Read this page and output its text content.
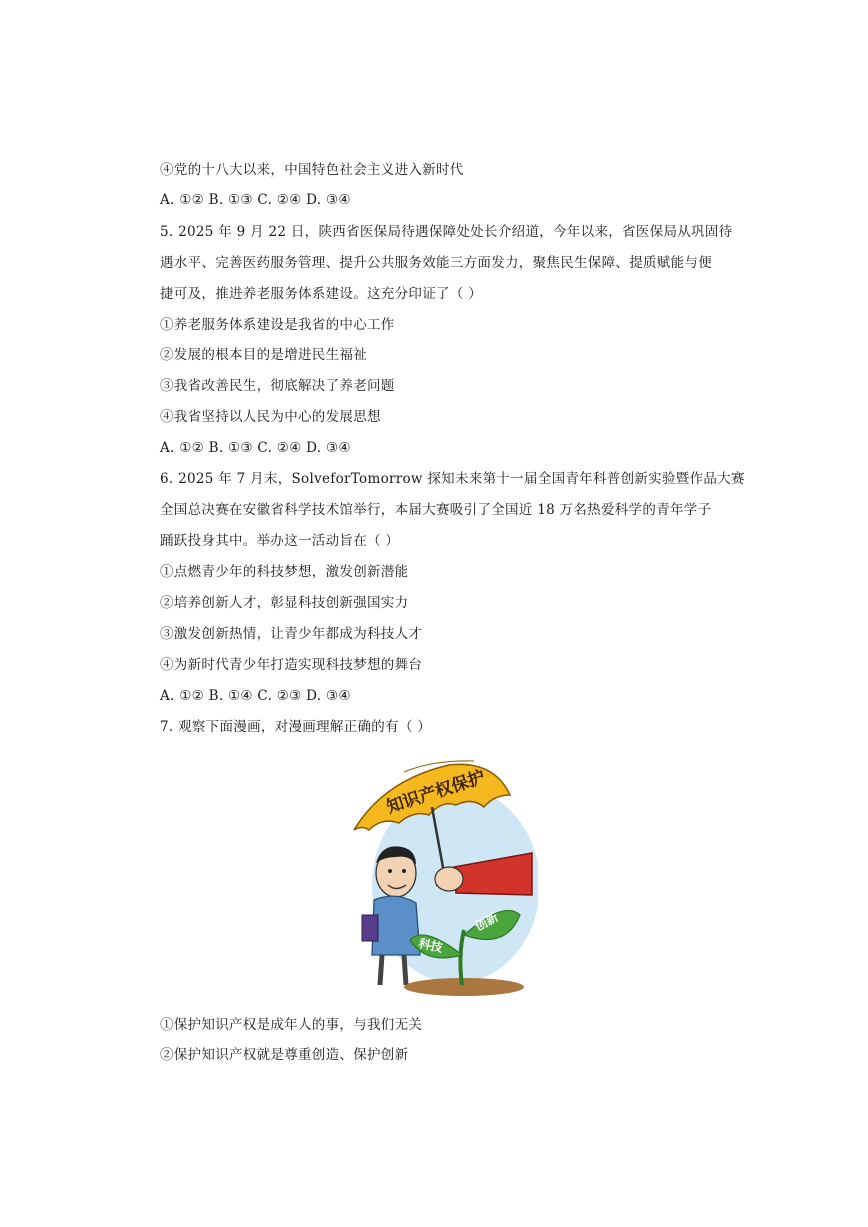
④党的十八大以来，中国特色社会主义进入新时代
A. ①② B. ①③ C. ②④ D. ③④
5. 2025 年 9 月 22 日，陕西省医保局待遇保障处处长介绍道，今年以来，省医保局从巩固待
遇水平、完善医药服务管理、提升公共服务效能三方面发力，聚焦民生保障、提质赋能与便
捷可及，推进养老服务体系建设。这充分印证了（ ）
①养老服务体系建设是我省的中心工作
②发展的根本目的是增进民生福祉
③我省改善民生，彻底解决了养老问题
④我省坚持以人民为中心的发展思想
A. ①② B. ①③ C. ②④ D. ③④
6. 2025 年 7 月末，SolveforTomorrow 探知未来第十一届全国青年科普创新实验暨作品大赛
全国总决赛在安徽省科学技术馆举行，本届大赛吸引了全国近 18 万名热爱科学的青年学子
踊跃投身其中。举办这一活动旨在（ ）
①点燃青少年的科技梦想，激发创新潜能
②培养创新人才，彰显科技创新强国实力
③激发创新热情，让青少年都成为科技人才
④为新时代青少年打造实现科技梦想的舞台
A. ①② B. ①④ C. ②③ D. ③④
7. 观察下面漫画，对漫画理解正确的有（ ）
知识产权保护
科技
创新
①保护知识产权是成年人的事，与我们无关
②保护知识产权就是尊重创造、保护创新
